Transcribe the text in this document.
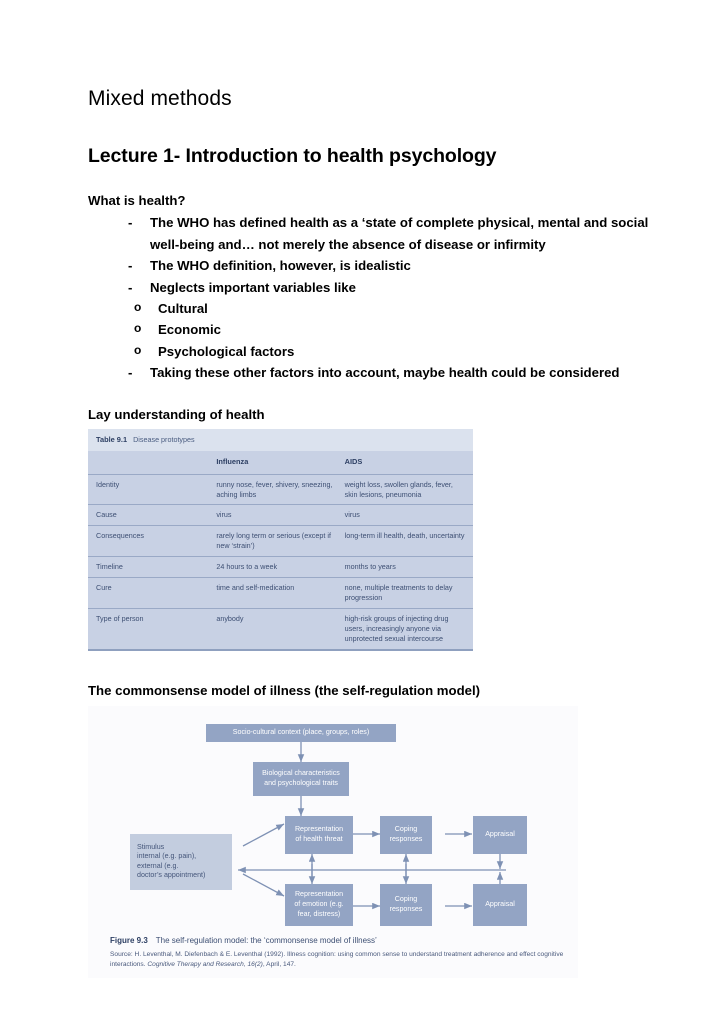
Mixed methods
Lecture 1- Introduction to health psychology

What is health?

- The WHO has defined health as a ‘state of complete physical, mental and social well-being and… not merely the absence of disease or infirmity
- The WHO definition, however, is idealistic
- Neglects important variables like
o Cultural
o Economic
o Psychological factors
- Taking these other factors into account, maybe health could be considered

Lay understanding of health

Table 9.1 Disease prototypes		
	Influenza	AIDS
Identity	runny nose, fever, shivery, sneezing, aching limbs	weight loss, swollen glands, fever, skin lesions, pneumonia
Cause	virus	virus
Consequences	rarely long term or serious (except if new ‘strain’)	long-term ill health, death, uncertainty
Timeline	24 hours to a week	months to years
Cure	time and self-medication	none, multiple treatments to delay progression
Type of person	anybody	high-risk groups of injecting drug users, increasingly anyone via unprotected sexual intercourse

The commonsense model of illness (the self-regulation model)

Socio-cultural context (place, groups, roles)
Biological characteristics
and psychological traits
Stimulus
internal (e.g. pain),
external (e.g.
doctor’s appointment)
Representation
of health threat
Coping
responses
Appraisal
Representation
of emotion (e.g.
fear, distress)
Coping
responses
Appraisal
Figure 9.3 The self-regulation model: the ‘commonsense model of illness’
Source: H. Leventhal, M. Diefenbach & E. Leventhal (1992). Illness cognition: using common sense to understand treatment adherence and effect cognitive interactions. Cognitive Therapy and Research, 16(2), April, 147.
